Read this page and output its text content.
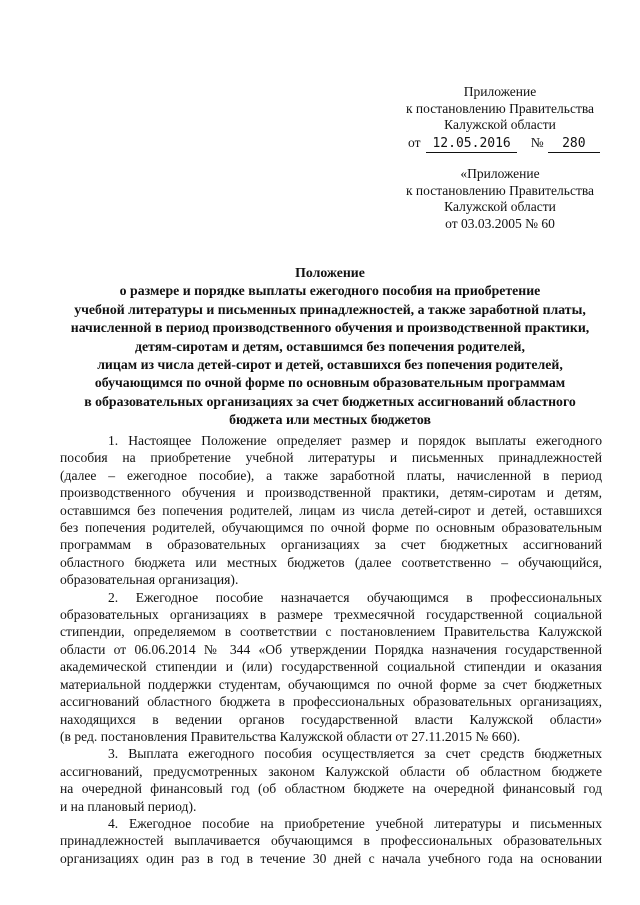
Приложение
к постановлению Правительства
Калужской области
от 12.05.2016	№	280
«Приложение
к постановлению Правительства
Калужской области
от 03.03.2005 № 60
Положение
о размере и порядке выплаты ежегодного пособия на приобретение
учебной литературы и письменных принадлежностей, а также заработной платы,
начисленной в период производственного обучения и производственной практики,
детям-сиротам и детям, оставшимся без попечения родителей,
лицам из числа детей-сирот и детей, оставшихся без попечения родителей,
обучающимся по очной форме по основным образовательным программам
в образовательных организациях за счет бюджетных ассигнований областного
бюджета или местных бюджетов
1. Настоящее Положение определяет размер и порядок выплаты ежегодного
пособия на приобретение учебной литературы и письменных принадлежностей
(далее – ежегодное пособие), а также заработной платы, начисленной в период
производственного обучения и производственной практики, детям-сиротам и детям,
оставшимся без попечения родителей, лицам из числа детей-сирот и детей, оставшихся
без попечения родителей, обучающимся по очной форме по основным образовательным
программам в образовательных организациях за счет бюджетных ассигнований
областного бюджета или местных бюджетов (далее соответственно – обучающийся,
образовательная организация).
2. Ежегодное пособие назначается обучающимся в профессиональных
образовательных организациях в размере трехмесячной государственной социальной
стипендии, определяемом в соответствии с постановлением Правительства Калужской
области от 06.06.2014 № 344 «Об утверждении Порядка назначения государственной
академической стипендии и (или) государственной социальной стипендии и оказания
материальной поддержки студентам, обучающимся по очной форме за счет бюджетных
ассигнований областного бюджета в профессиональных образовательных организациях,
находящихся в ведении органов государственной власти Калужской области»
(в ред. постановления Правительства Калужской области от 27.11.2015 № 660).
3. Выплата ежегодного пособия осуществляется за счет средств бюджетных
ассигнований, предусмотренных законом Калужской области об областном бюджете
на очередной финансовый год (об областном бюджете на очередной финансовый год
и на плановый период).
4. Ежегодное пособие на приобретение учебной литературы и письменных
принадлежностей выплачивается обучающимся в профессиональных образовательных
организациях один раз в год в течение 30 дней с начала учебного года на основании
